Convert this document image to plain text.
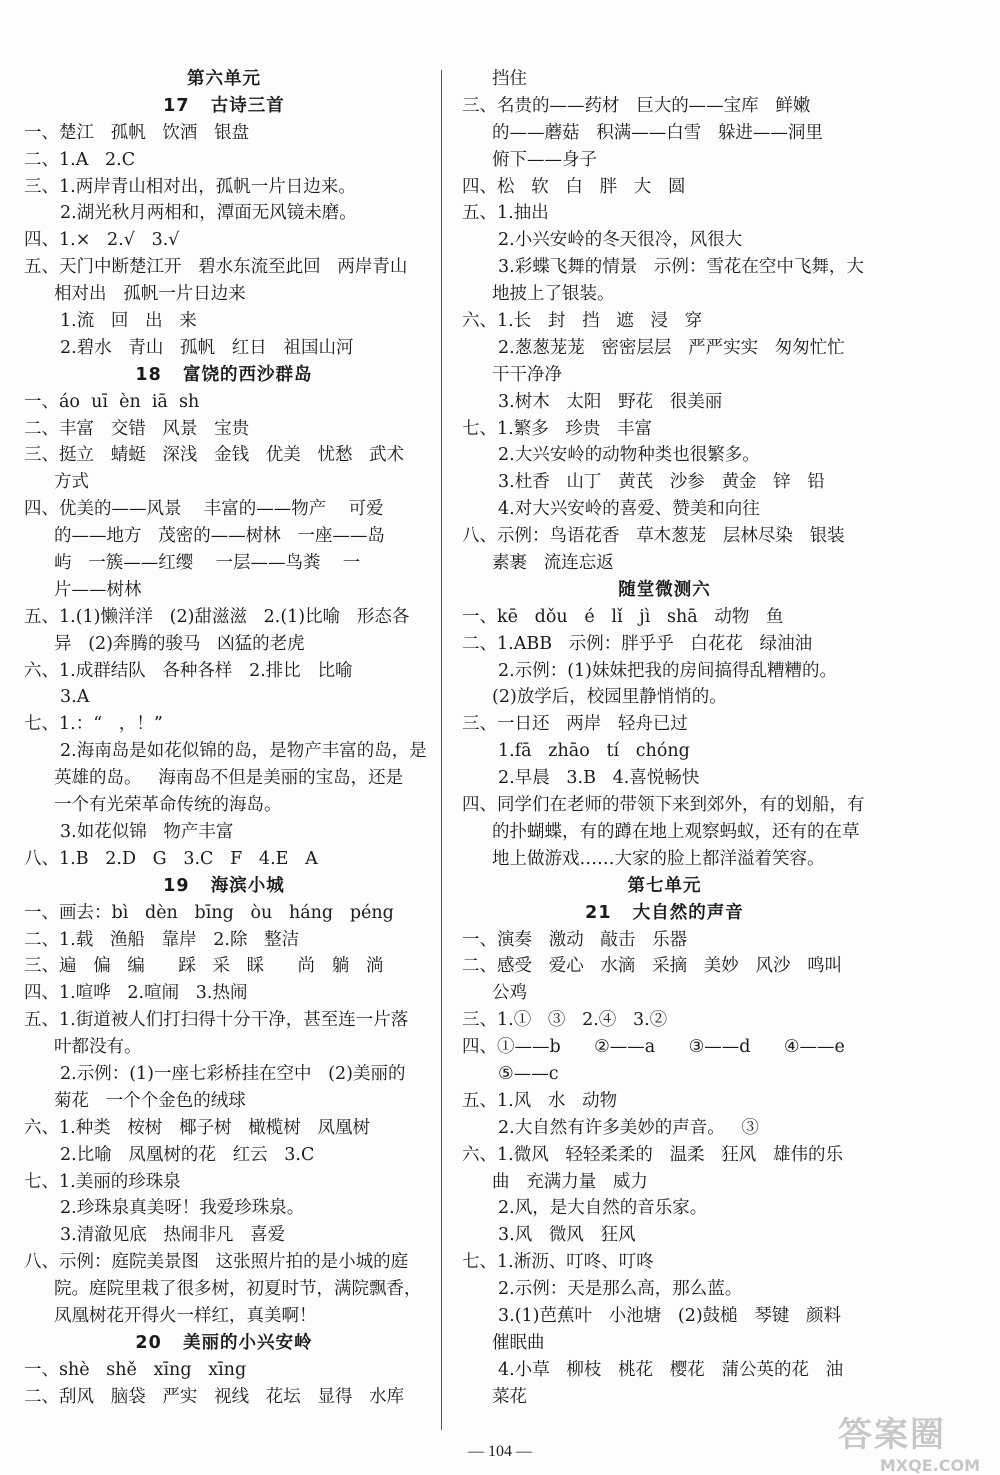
第六单元
17   古诗三首
一、楚江   孤帆   饮酒   银盘
二、1.A   2.C
三、1.两岸青山相对出，孤帆一片日边来。
2.湖光秋月两相和，潭面无风镜未磨。
四、1.×   2.√   3.√
五、天门中断楚江开   碧水东流至此回   两岸青山
相对出   孤帆一片日边来
1.流   回   出   来
2.碧水   青山   孤帆   红日   祖国山河
18   富饶的西沙群岛
一、áo  uī  èn  iā  sh
二、丰富   交错   风景   宝贵
三、挺立   蜻蜓   深浅   金钱   优美   忧愁   武术
方式
四、优美的——风景    丰富的——物产    可爱
的——地方   茂密的——树林   一座——岛
屿   一簇——红缨    一层——鸟粪    一
片——树林
五、1.(1)懒洋洋   (2)甜滋滋   2.(1)比喻   形态各
异   (2)奔腾的骏马   凶猛的老虎
六、1.成群结队   各种各样   2.排比   比喻
3.A
七、1.：“   ，！”
2.海南岛是如花似锦的岛，是物产丰富的岛，是
英雄的岛。   海南岛不但是美丽的宝岛，还是
一个有光荣革命传统的海岛。
3.如花似锦   物产丰富
八、1.B   2.D   G   3.C   F   4.E   A
19   海滨小城
一、画去：bì   dèn   bīng   òu   háng   péng
二、1.载   渔船   靠岸   2.除   整洁
三、遍   偏   编      踩   采   睬      尚   躺   淌
四、1.喧哗   2.喧闹   3.热闹
五、1.街道被人们打扫得十分干净，甚至连一片落
叶都没有。
2.示例：(1)一座七彩桥挂在空中   (2)美丽的
菊花   一个个金色的绒球
六、1.种类   桉树   椰子树   橄榄树   凤凰树
2.比喻   凤凰树的花   红云   3.C
七、1.美丽的珍珠泉
2.珍珠泉真美呀！我爱珍珠泉。
3.清澈见底   热闹非凡   喜爱
八、示例：庭院美景图   这张照片拍的是小城的庭
院。庭院里栽了很多树，初夏时节，满院飘香，
凤凰树花开得火一样红，真美啊！
20   美丽的小兴安岭
一、shè   shě   xīng   xīng
二、刮风   脑袋   严实   视线   花坛   显得   水库
挡住
三、名贵的——药材   巨大的——宝库   鲜嫩
的——蘑菇   积满——白雪   躲进——洞里
俯下——身子
四、松   软   白   胖   大   圆
五、1.抽出
2.小兴安岭的冬天很冷，风很大
3.彩蝶飞舞的情景   示例：雪花在空中飞舞，大
地披上了银装。
六、1.长   封   挡   遮   浸   穿
2.葱葱茏茏   密密层层   严严实实   匆匆忙忙
干干净净
3.树木   太阳   野花   很美丽
七、1.繁多   珍贵   丰富
2.大兴安岭的动物种类也很繁多。
3.杜香   山丁   黄芪   沙参   黄金   锌   铅
4.对大兴安岭的喜爱、赞美和向往
八、示例：鸟语花香   草木葱茏   层林尽染   银装
素裹   流连忘返
随堂微测六
一、kē   dǒu   é   lǐ   jì   shā   动物   鱼
二、1.ABB   示例：胖乎乎   白花花   绿油油
2.示例：(1)妹妹把我的房间搞得乱糟糟的。
(2)放学后，校园里静悄悄的。
三、一日还   两岸   轻舟已过
1.fā   zhāo   tí   chóng
2.早晨   3.B   4.喜悦畅快
四、同学们在老师的带领下来到郊外，有的划船，有
的扑蝴蝶，有的蹲在地上观察蚂蚁，还有的在草
地上做游戏……大家的脸上都洋溢着笑容。
第七单元
21   大自然的声音
一、演奏   激动   敲击   乐器
二、感受   爱心   水滴   采摘   美妙   风沙   鸣叫
公鸡
三、1.①   ③   2.④   3.②
四、①——b      ②——a      ③——d      ④——e
⑤——c
五、1.风   水   动物
2.大自然有许多美妙的声音。   ③
六、1.微风   轻轻柔柔的   温柔   狂风   雄伟的乐
曲   充满力量   威力
2.风，是大自然的音乐家。
3.风   微风   狂风
七、1.淅沥、叮咚、叮咚
2.示例：天是那么高，那么蓝。
3.(1)芭蕉叶   小池塘   (2)鼓槌   琴键   颜料
催眠曲
4.小草   柳枝   桃花   樱花   蒲公英的花   油
菜花
— 104 —	答案圈
MXQE.COM
